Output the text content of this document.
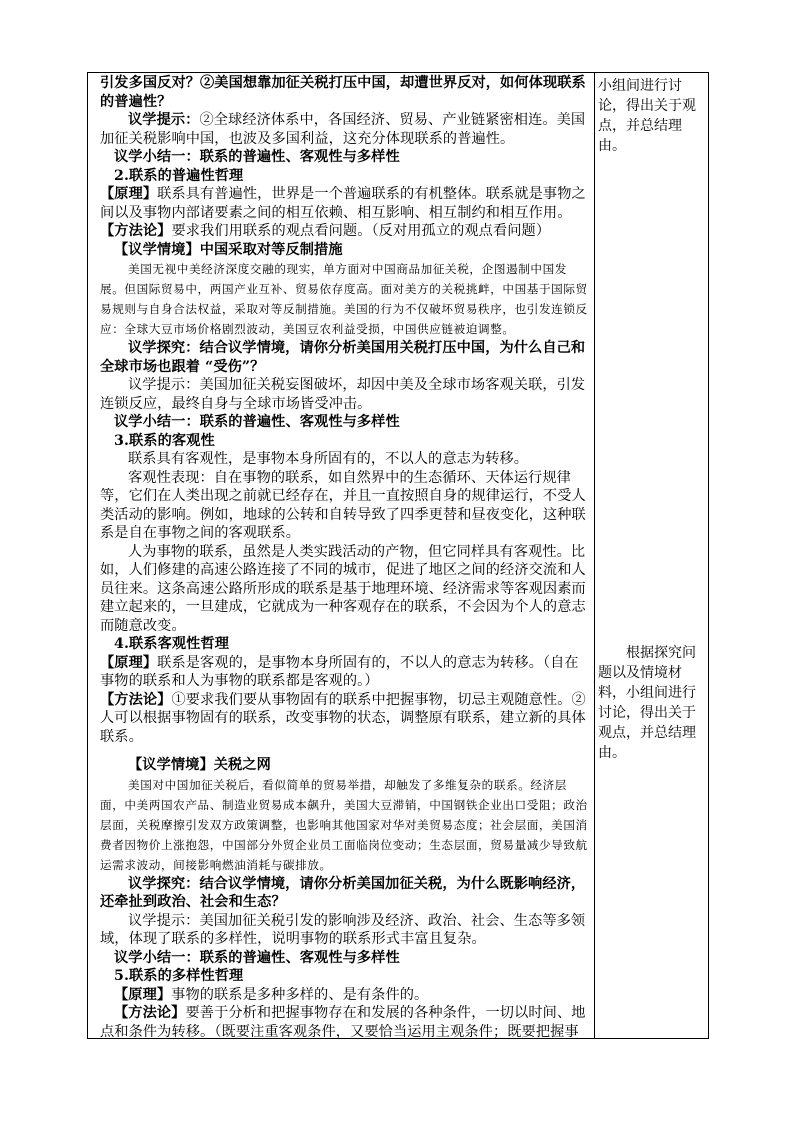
引发多国反对？②美国想靠加征关税打压中国，却遭世界反对，如何体现联系的普遍性？

议学提示：②全球经济体系中，各国经济、贸易、产业链紧密相连。美国加征关税影响中国，也波及多国利益，这充分体现联系的普遍性。

议学小结一：联系的普遍性、客观性与多样性

2.联系的普遍性哲理

【原理】联系具有普遍性，世界是一个普遍联系的有机整体。联系就是事物之间以及事物内部诸要素之间的相互依赖、相互影响、相互制约和相互作用。

【方法论】要求我们用联系的观点看问题。（反对用孤立的观点看问题）

【议学情境】中国采取对等反制措施

美国无视中美经济深度交融的现实，单方面对中国商品加征关税，企图遏制中国发展。但国际贸易中，两国产业互补、贸易依存度高。面对美方的关税挑衅，中国基于国际贸易规则与自身合法权益，采取对等反制措施。美国的行为不仅破坏贸易秩序，也引发连锁反应：全球大豆市场价格剧烈波动，美国豆农利益受损，中国供应链被迫调整。

议学探究：结合议学情境，请你分析美国用关税打压中国，为什么自己和全球市场也跟着 “受伤”？

议学提示：美国加征关税妄图破坏，却因中美及全球市场客观关联，引发连锁反应，最终自身与全球市场皆受冲击。

议学小结一：联系的普遍性、客观性与多样性

3.联系的客观性

联系具有客观性，是事物本身所固有的，不以人的意志为转移。

客观性表现：自在事物的联系，如自然界中的生态循环、天体运行规律等，它们在人类出现之前就已经存在，并且一直按照自身的规律运行，不受人类活动的影响。例如，地球的公转和自转导致了四季更替和昼夜变化，这种联系是自在事物之间的客观联系。

人为事物的联系，虽然是人类实践活动的产物，但它同样具有客观性。比如，人们修建的高速公路连接了不同的城市，促进了地区之间的经济交流和人员往来。这条高速公路所形成的联系是基于地理环境、经济需求等客观因素而建立起来的，一旦建成，它就成为一种客观存在的联系，不会因为个人的意志而随意改变。

4.联系客观性哲理

【原理】联系是客观的，是事物本身所固有的，不以人的意志为转移。（自在事物的联系和人为事物的联系都是客观的。）

【方法论】①要求我们要从事物固有的联系中把握事物，切忌主观随意性。②人可以根据事物固有的联系，改变事物的状态，调整原有联系，建立新的具体联系。

【议学情境】关税之网

美国对中国加征关税后，看似简单的贸易举措，却触发了多维复杂的联系。经济层面，中美两国农产品、制造业贸易成本飙升，美国大豆滞销，中国钢铁企业出口受阻；政治层面，关税摩擦引发双方政策调整，也影响其他国家对华对美贸易态度；社会层面，美国消费者因物价上涨抱怨，中国部分外贸企业员工面临岗位变动；生态层面，贸易量减少导致航运需求波动，间接影响燃油消耗与碳排放。

议学探究：结合议学情境，请你分析美国加征关税，为什么既影响经济，还牵扯到政治、社会和生态？

议学提示：美国加征关税引发的影响涉及经济、政治、社会、生态等多领域，体现了联系的多样性，说明事物的联系形式丰富且复杂。

议学小结一：联系的普遍性、客观性与多样性

5.联系的多样性哲理

【原理】事物的联系是多种多样的、是有条件的。

【方法论】要善于分析和把握事物存在和发展的各种条件，一切以时间、地点和条件为转移。（既要注重客观条件，又要恰当运用主观条件；既要把握事

小组间进行讨论，得出关于观点，并总结理由。
根据探究问题以及情境材料，小组间进行讨论，得出关于观点，并总结理由。
